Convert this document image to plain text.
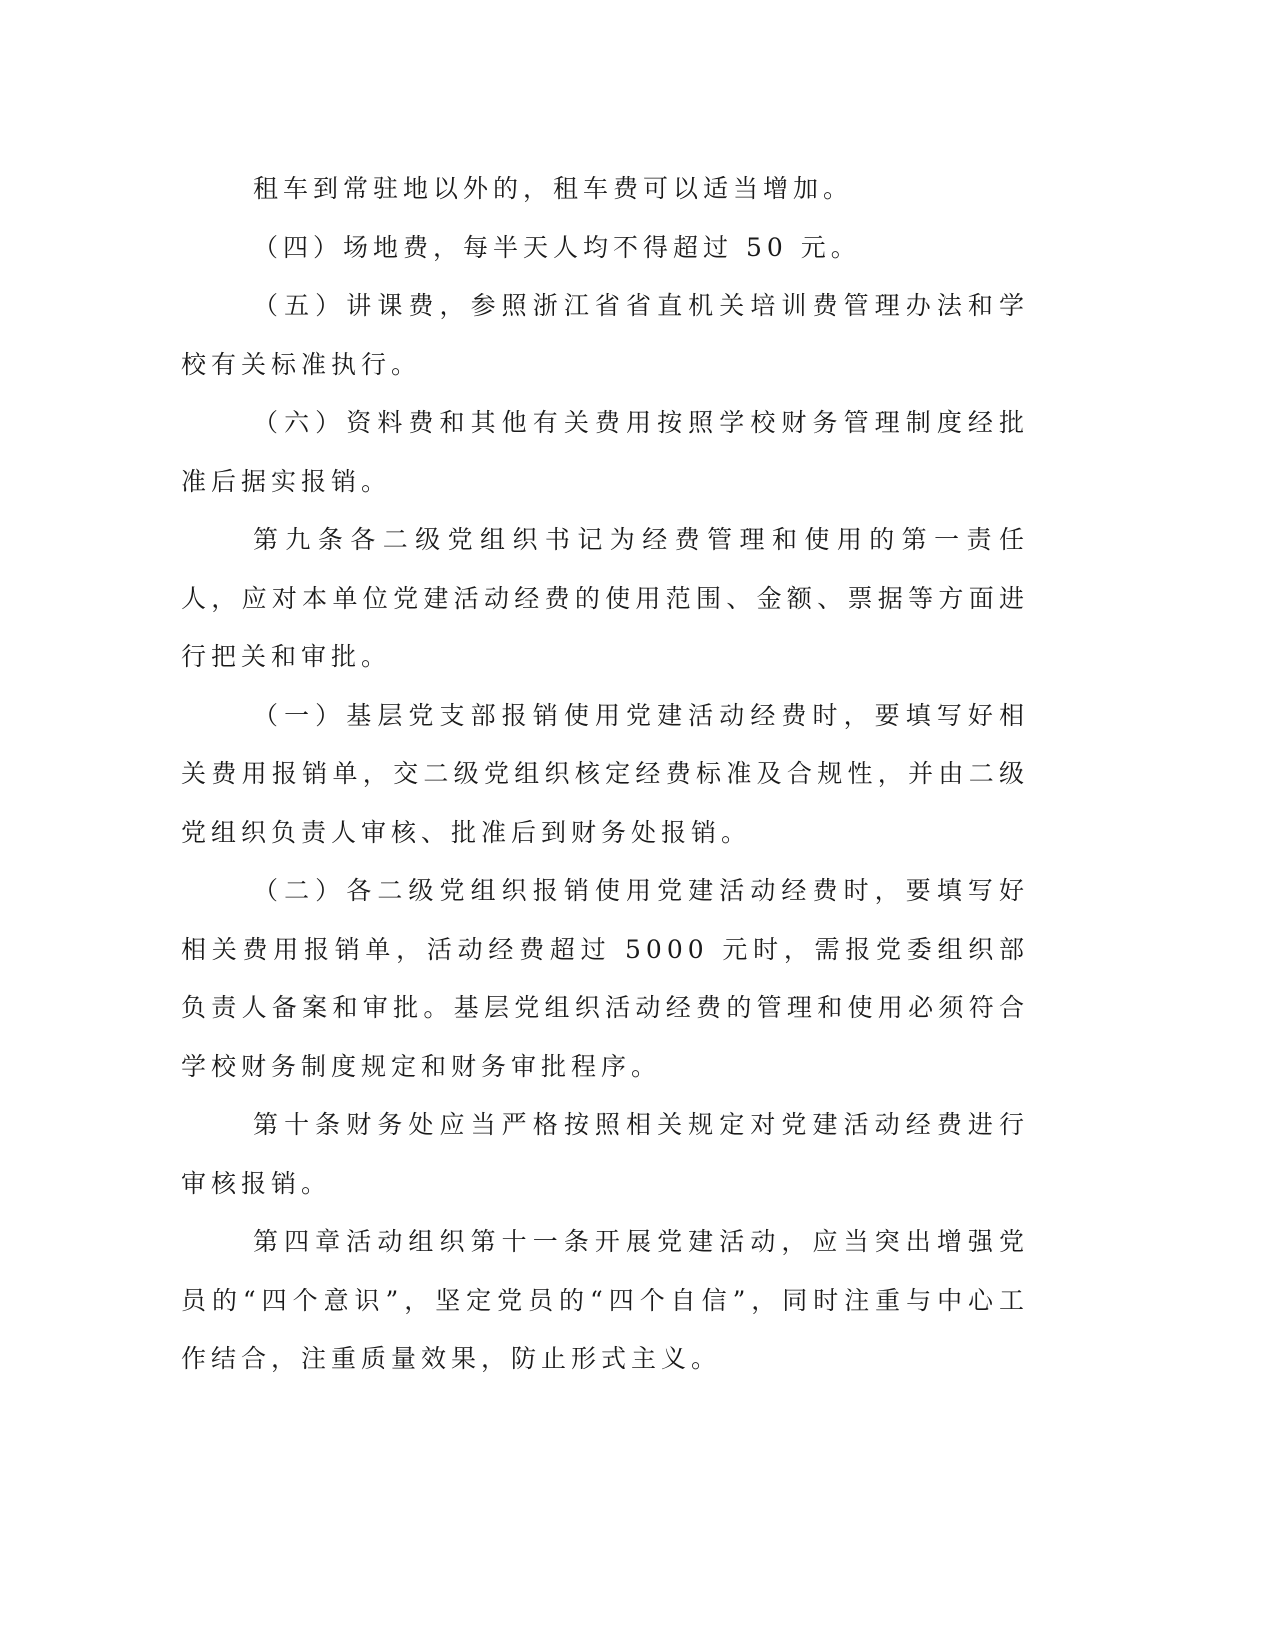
租车到常驻地以外的，租车费可以适当增加。

（四）场地费，每半天人均不得超过 50 元。

（五）讲课费，参照浙江省省直机关培训费管理办法和学校有关标准执行。

（六）资料费和其他有关费用按照学校财务管理制度经批准后据实报销。

第九条各二级党组织书记为经费管理和使用的第一责任人，应对本单位党建活动经费的使用范围、金额、票据等方面进行把关和审批。

（一）基层党支部报销使用党建活动经费时，要填写好相关费用报销单，交二级党组织核定经费标准及合规性，并由二级党组织负责人审核、批准后到财务处报销。

（二）各二级党组织报销使用党建活动经费时，要填写好相关费用报销单，活动经费超过 5000 元时，需报党委组织部负责人备案和审批。基层党组织活动经费的管理和使用必须符合学校财务制度规定和财务审批程序。

第十条财务处应当严格按照相关规定对党建活动经费进行审核报销。

第四章活动组织第十一条开展党建活动，应当突出增强党员的“四个意识”，坚定党员的“四个自信”，同时注重与中心工作结合，注重质量效果，防止形式主义。
